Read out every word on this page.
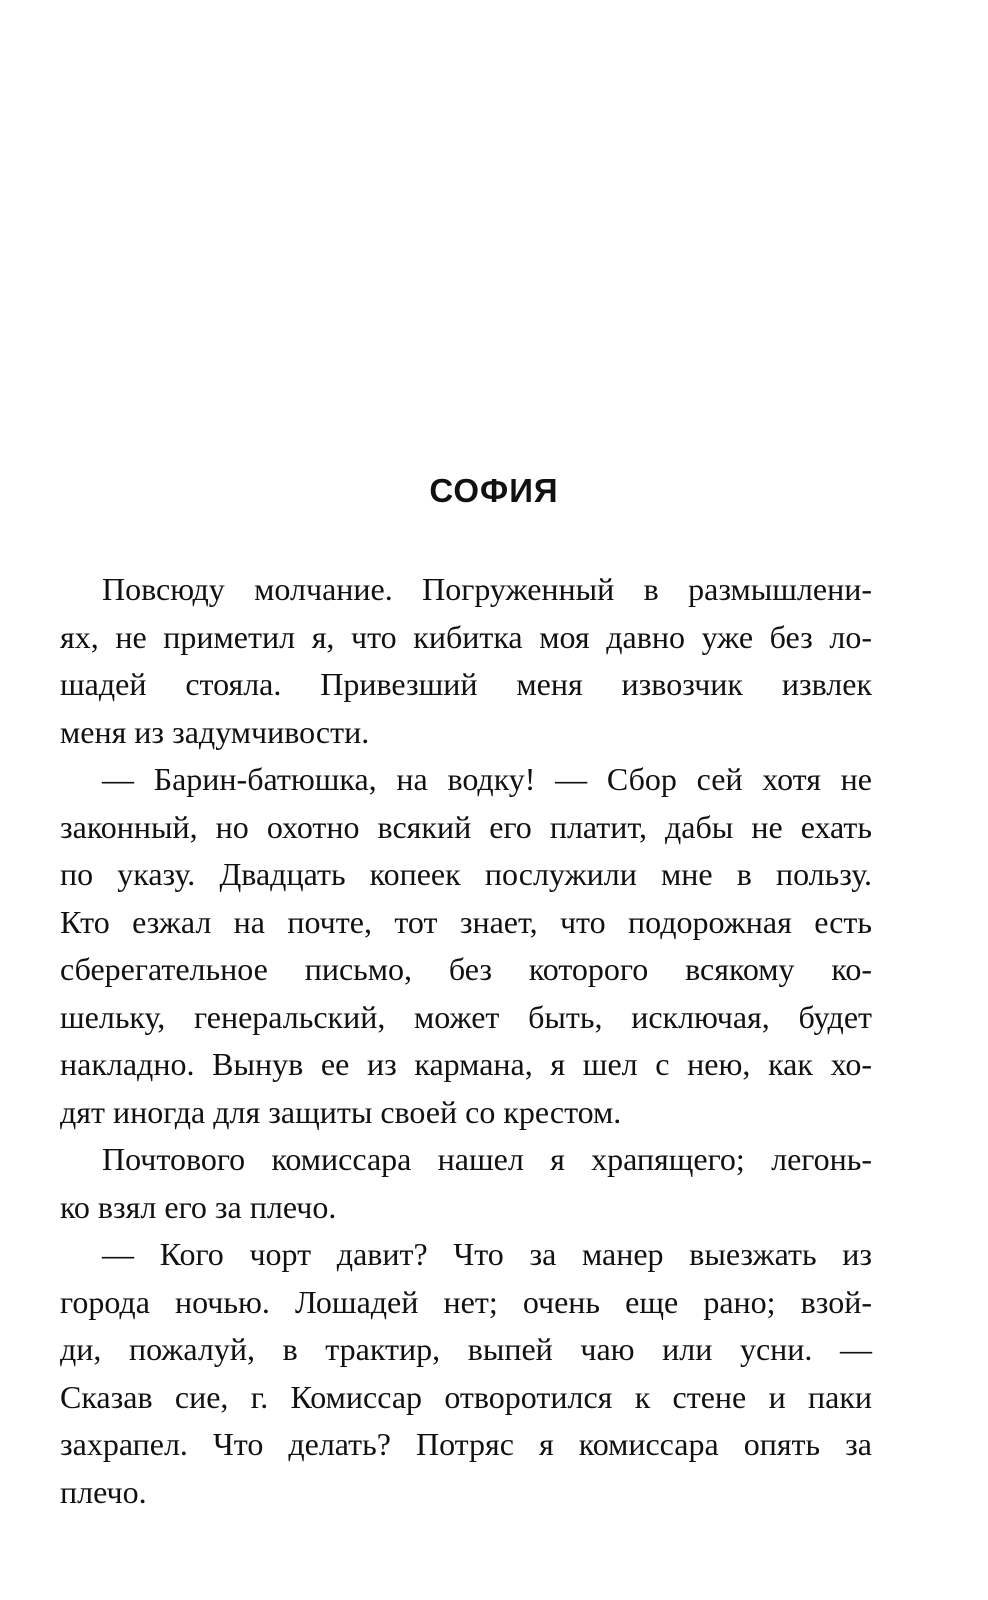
СОФИЯ
Повсюду молчание. Погруженный в размышлени-
ях, не приметил я, что кибитка моя давно уже без ло-
шадей стояла. Привезший меня извозчик извлек
меня из задумчивости.
— Барин-батюшка, на водку! — Сбор сей хотя не
законный, но охотно всякий его платит, дабы не ехать
по указу. Двадцать копеек послужили мне в пользу.
Кто езжал на почте, тот знает, что подорожная есть
сберегательное письмо, без которого всякому ко-
шельку, генеральский, может быть, исключая, будет
накладно. Вынув ее из кармана, я шел с нею, как хо-
дят иногда для защиты своей со крестом.
Почтового комиссара нашел я храпящего; легонь-
ко взял его за плечо.
— Кого чорт давит? Что за манер выезжать из
города ночью. Лошадей нет; очень еще рано; взой-
ди, пожалуй, в трактир, выпей чаю или усни. —
Сказав сие, г. Комиссар отворотился к стене и паки
захрапел. Что делать? Потряс я комиссара опять за
плечо.
